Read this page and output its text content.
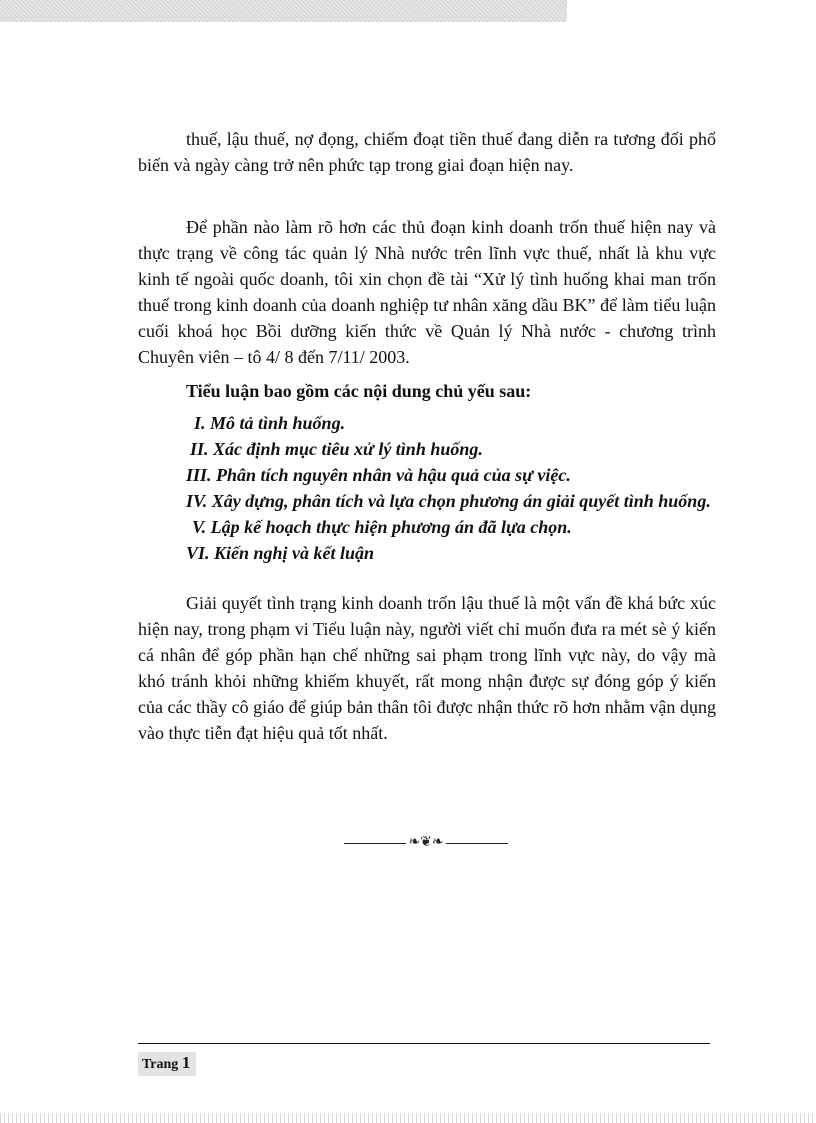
thuế, lậu thuế, nợ đọng, chiếm đoạt tiền thuế đang diễn ra tương đối phổ biến và ngày càng trở nên phức tạp trong giai đoạn hiện nay.

Để phần nào làm rõ hơn các thủ đoạn kinh doanh trốn thuế hiện nay và thực trạng về công tác quản lý Nhà nước trên lĩnh vực thuế, nhất là khu vực kinh tế ngoài quốc doanh, tôi xin chọn đề tài “Xử lý tình huống khai man trốn thuế trong kinh doanh của doanh nghiệp tư nhân xăng dầu BK” để làm tiểu luận cuối khoá học Bồi dưỡng kiến thức về Quản lý Nhà nước - chương trình Chuyên viên – tô 4/ 8 đến 7/11/ 2003.

Tiểu luận bao gồm các nội dung chủ yếu sau:

I. Mô tả tình huống.
II. Xác định mục tiêu xử lý tình huống.
III. Phân tích nguyên nhân và hậu quả của sự việc.
IV. Xây dựng, phân tích và lựa chọn phương án giải quyết tình huống.
V. Lập kế hoạch thực hiện phương án đã lựa chọn.
VI. Kiến nghị và kết luận

Giải quyết tình trạng kinh doanh trốn lậu thuế là một vấn đề khá bức xúc hiện nay, trong phạm vi Tiểu luận này, người viết chỉ muốn đưa ra mét sè ý kiến cá nhân để góp phần hạn chế những sai phạm trong lĩnh vực này, do vậy mà khó tránh khỏi những khiếm khuyết, rất mong nhận được sự đóng góp ý kiến của các thầy cô giáo để giúp bản thân tôi được nhận thức rõ hơn nhằm vận dụng vào thực tiễn đạt hiệu quả tốt nhất.

❧❦❧
Trang 1
